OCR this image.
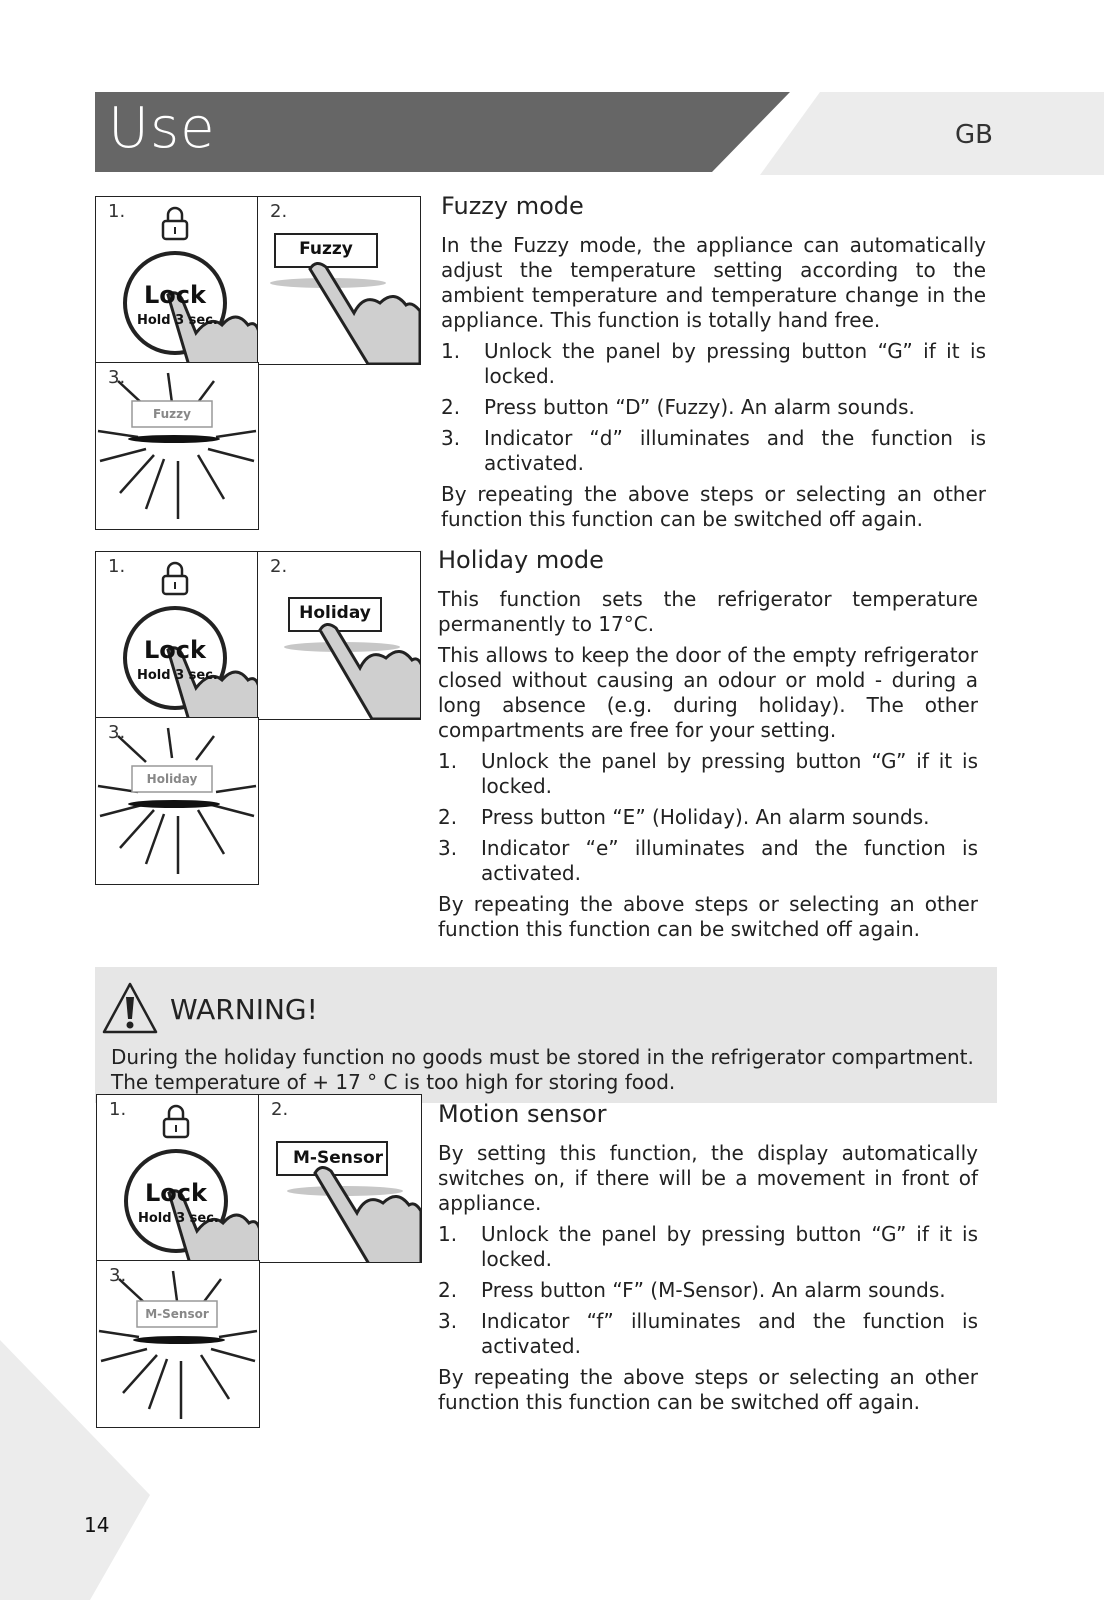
Use	GB
1.
Lock
Hold 3 sec.
2.
Fuzzy
3.
Fuzzy
Fuzzy mode

In the Fuzzy mode, the appliance can automatically adjust the temperature setting according to the ambient temperature and temperature change in the appliance. This function is totally hand free.

1. Unlock the panel by pressing button “G” if it is locked.
2. Press button “D” (Fuzzy). An alarm sounds.
3. Indicator “d” illuminates and the function is activated.

By repeating the above steps or selecting an other function this function can be switched off again.

1.
Lock
Hold 3 sec.
2.
Holiday
3.
Holiday
Holiday mode

This function sets the refrigerator temperature permanently to 17°C.

This allows to keep the door of the empty refrigerator closed without causing an odour or mold - during a long absence (e.g. during holiday). The other compartments are free for your setting.

1. Unlock the panel by pressing button “G” if it is locked.
2. Press button “E” (Holiday). An alarm sounds.
3. Indicator “e” illuminates and the function is activated.

By repeating the above steps or selecting an other function this function can be switched off again.

WARNING!
During the holiday function no goods must be stored in the refrigerator compartment. The temperature of + 17 ° C is too high for storing food.
1.
Lock
Hold 3 sec.
2.
M-Sensor
3.
M-Sensor
Motion sensor

By setting this function, the display automatically switches on, if there will be a movement in front of appliance.

1. Unlock the panel by pressing button “G” if it is locked.
2. Press button “F” (M-Sensor). An alarm sounds.
3. Indicator “f” illuminates and the function is activated.

By repeating the above steps or selecting an other function this function can be switched off again.

14
